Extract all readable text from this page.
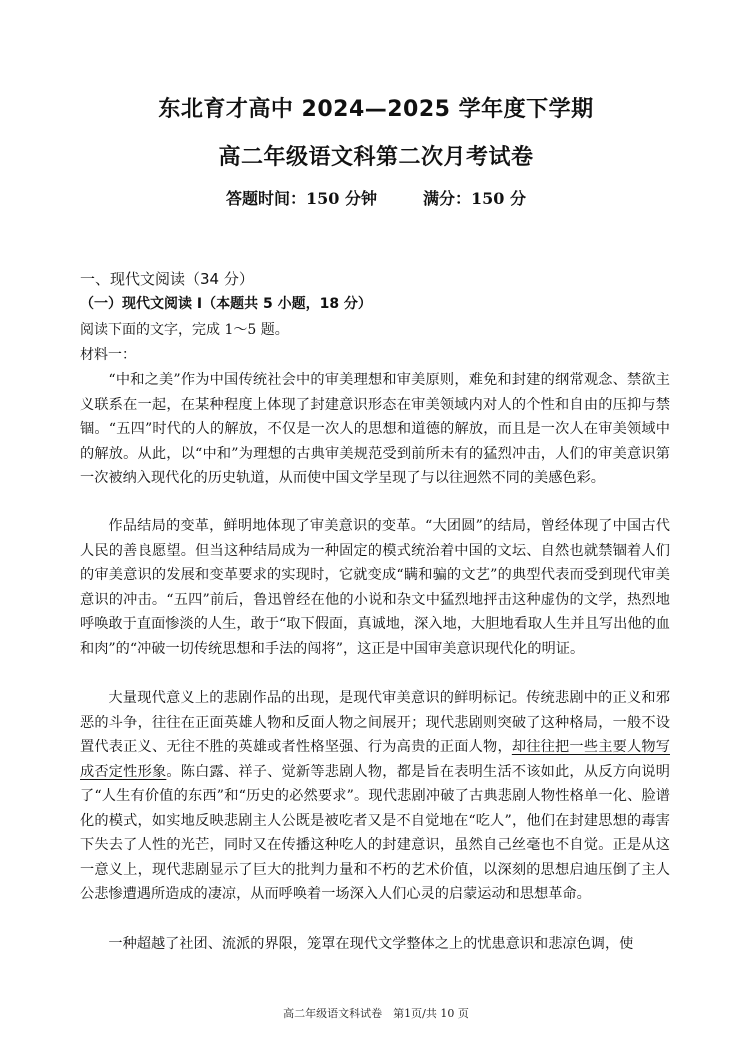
东北育才高中 2024—2025 学年度下学期
高二年级语文科第二次月考试卷
答题时间：150 分钟	满分：150 分
一、现代文阅读（34 分）
（一）现代文阅读 I（本题共 5 小题，18 分）
阅读下面的文字，完成 1～5 题。
材料一：

“中和之美”作为中国传统社会中的审美理想和审美原则，难免和封建的纲常观念、禁欲主义联系在一起，在某种程度上体现了封建意识形态在审美领域内对人的个性和自由的压抑与禁锢。“五四”时代的人的解放，不仅是一次人的思想和道德的解放，而且是一次人在审美领域中的解放。从此，以“中和”为理想的古典审美规范受到前所未有的猛烈冲击，人们的审美意识第一次被纳入现代化的历史轨道，从而使中国文学呈现了与以往迥然不同的美感色彩。

作品结局的变革，鲜明地体现了审美意识的变革。“大团圆”的结局，曾经体现了中国古代人民的善良愿望。但当这种结局成为一种固定的模式统治着中国的文坛、自然也就禁锢着人们的审美意识的发展和变革要求的实现时，它就变成“瞒和骗的文艺”的典型代表而受到现代审美意识的冲击。“五四”前后，鲁迅曾经在他的小说和杂文中猛烈地抨击这种虚伪的文学，热烈地呼唤敢于直面惨淡的人生，敢于“取下假面，真诚地，深入地，大胆地看取人生并且写出他的血和肉”的“冲破一切传统思想和手法的闯将”，这正是中国审美意识现代化的明证。

大量现代意义上的悲剧作品的出现，是现代审美意识的鲜明标记。传统悲剧中的正义和邪恶的斗争，往往在正面英雄人物和反面人物之间展开；现代悲剧则突破了这种格局，一般不设置代表正义、无往不胜的英雄或者性格坚强、行为高贵的正面人物，却往往把一些主要人物写成否定性形象。陈白露、祥子、觉新等悲剧人物，都是旨在表明生活不该如此，从反方向说明了“人生有价值的东西”和“历史的必然要求”。现代悲剧冲破了古典悲剧人物性格单一化、脸谱化的模式，如实地反映悲剧主人公既是被吃者又是不自觉地在“吃人”，他们在封建思想的毒害下失去了人性的光芒，同时又在传播这种吃人的封建意识，虽然自己丝毫也不自觉。正是从这一意义上，现代悲剧显示了巨大的批判力量和不朽的艺术价值，以深刻的思想启迪压倒了主人公悲惨遭遇所造成的凄凉，从而呼唤着一场深入人们心灵的启蒙运动和思想革命。

一种超越了社团、流派的界限，笼罩在现代文学整体之上的忧患意识和悲凉色调，使

高二年级语文科试卷　第1页/共 10 页
